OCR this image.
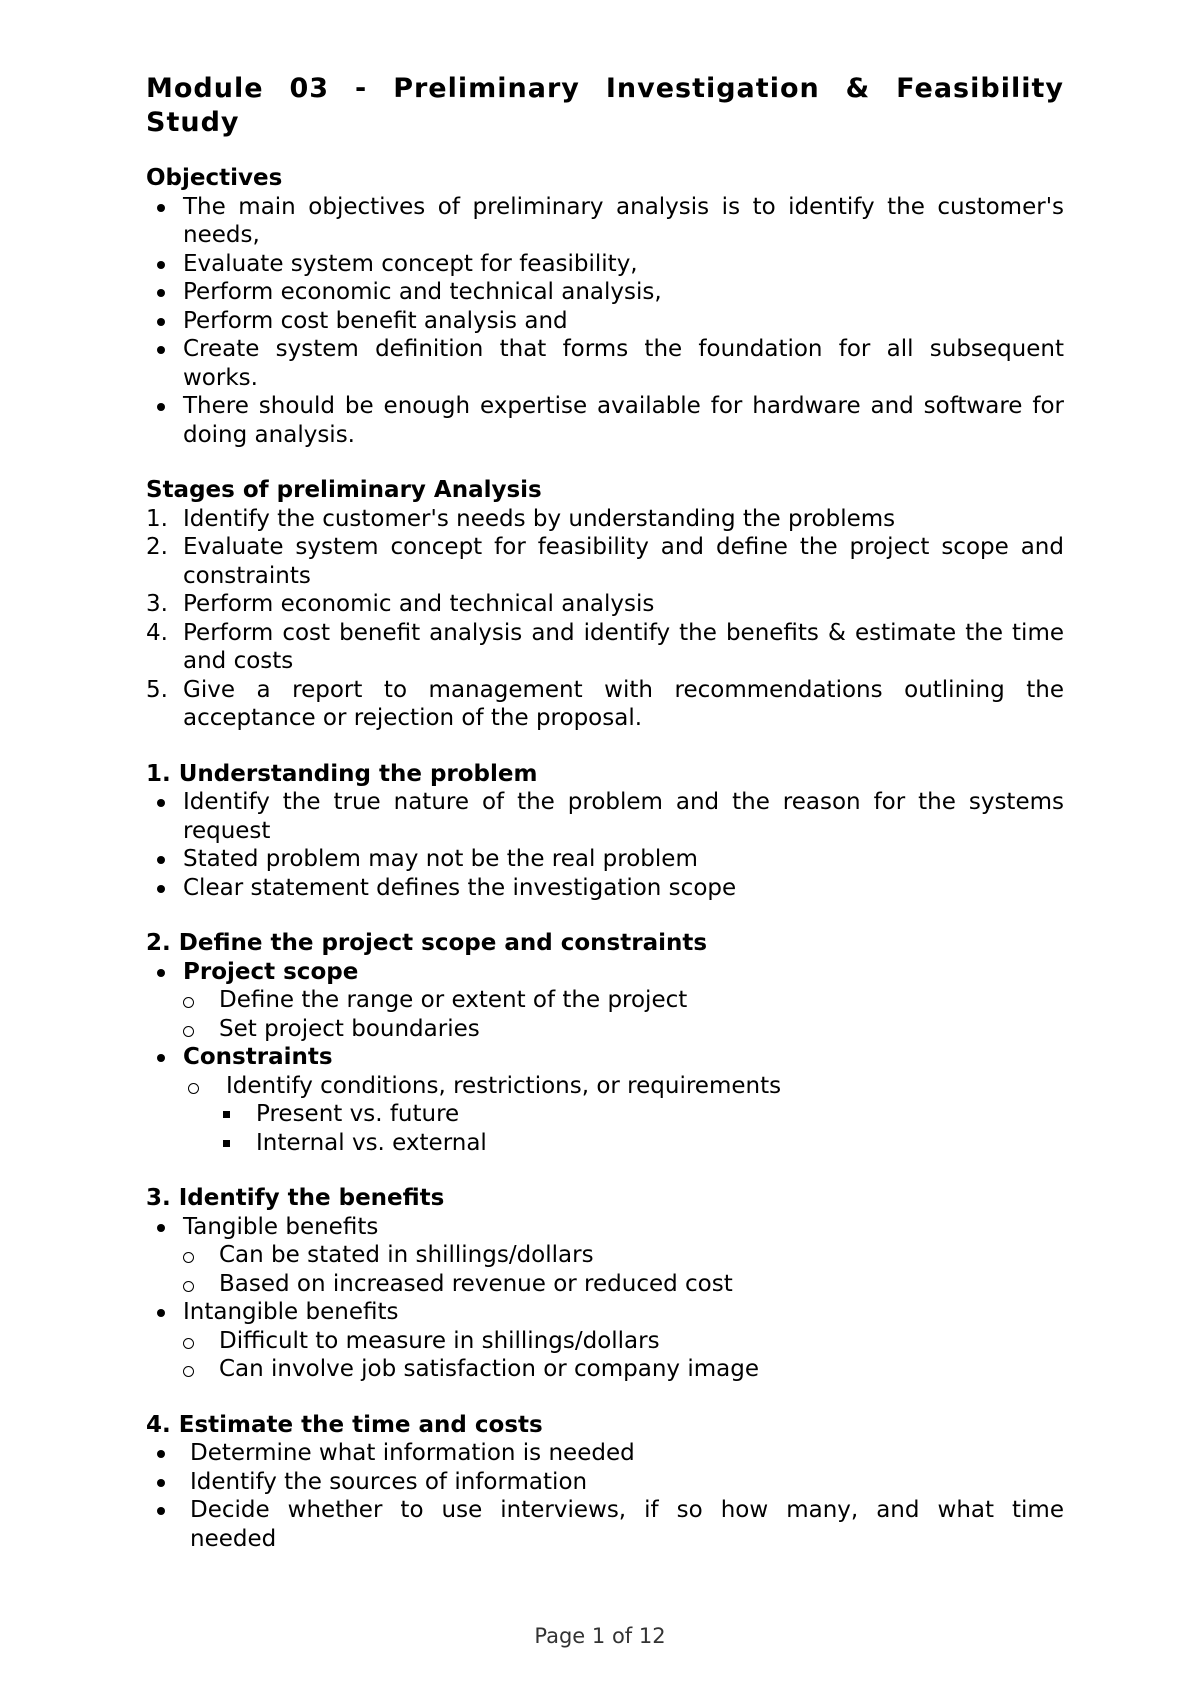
Module 03 - Preliminary Investigation & Feasibility Study
Objectives
The main objectives of preliminary analysis is to identify the customer's needs,
Evaluate system concept for feasibility,
Perform economic and technical analysis,
Perform cost benefit analysis and
Create system definition that forms the foundation for all subsequent works.
There should be enough expertise available for hardware and software for doing analysis.
Stages of preliminary Analysis
1. Identify the customer's needs by understanding the problems
2. Evaluate system concept for feasibility and define the project scope and constraints
3. Perform economic and technical analysis
4. Perform cost benefit analysis and identify the benefits & estimate the time and costs
5. Give a report to management with recommendations outlining the acceptance or rejection of the proposal.
1. Understanding the problem
Identify the true nature of the problem and the reason for the systems request
Stated problem may not be the real problem
Clear statement defines the investigation scope
2. Define the project scope and constraints
Project scope
Define the range or extent of the project
Set project boundaries
Constraints
Identify conditions, restrictions, or requirements
Present vs. future
Internal vs. external
3. Identify the benefits
Tangible benefits
Can be stated in shillings/dollars
Based on increased revenue or reduced cost
Intangible benefits
Difficult to measure in shillings/dollars
Can involve job satisfaction or company image
4. Estimate the time and costs
Determine what information is needed
Identify the sources of information
Decide whether to use interviews, if so how many, and what time needed
Page 1 of 12
